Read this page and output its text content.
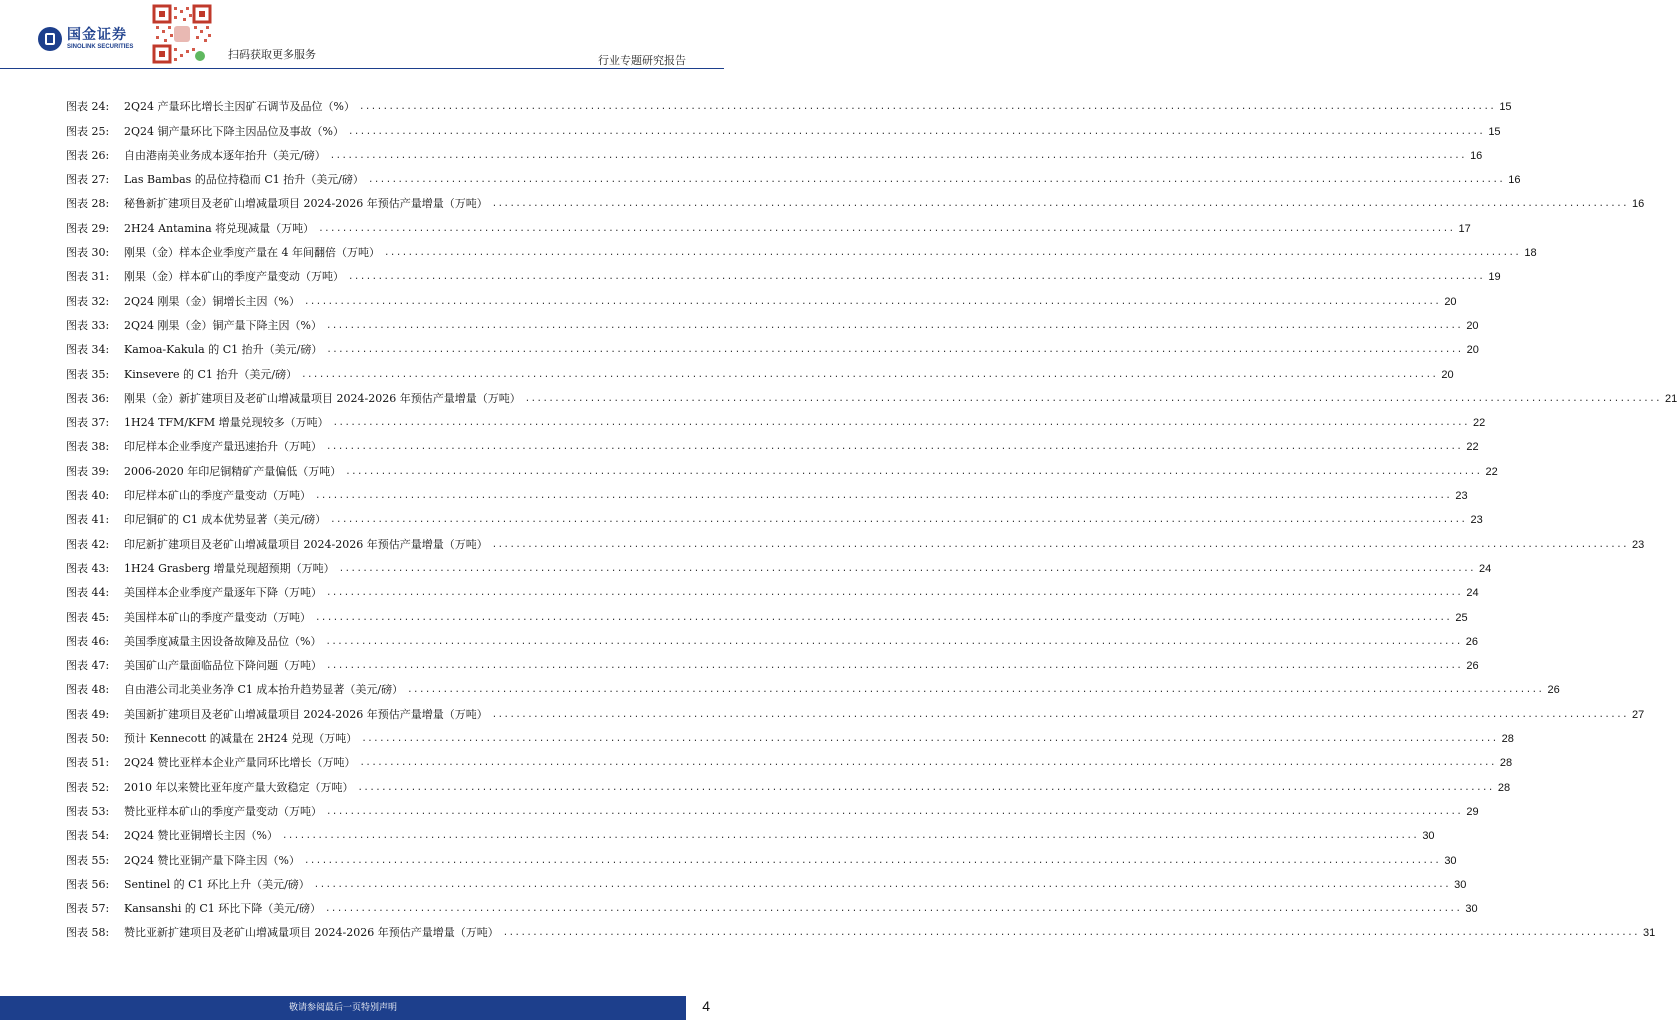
国金证券
SINOLINK SECURITIES
扫码获取更多服务	行业专题研究报告
图表 24:	2Q24 产量环比增长主因矿石调节及品位（%） .....	15
图表 25:	2Q24 铜产量环比下降主因品位及事故（%） .....	15
图表 26:	自由港南美业务成本逐年抬升（美元/磅） .....	16
图表 27:	Las Bambas 的品位持稳而 C1 抬升（美元/磅） .....	16
图表 28:	秘鲁新扩建项目及老矿山增减量项目 2024-2026 年预估产量增量（万吨） .....	16
图表 29:	2H24 Antamina 将兑现减量（万吨） .....	17
图表 30:	刚果（金）样本企业季度产量在 4 年间翻倍（万吨） .....	18
图表 31:	刚果（金）样本矿山的季度产量变动（万吨） .....	19
图表 32:	2Q24 刚果（金）铜增长主因（%） .....	20
图表 33:	2Q24 刚果（金）铜产量下降主因（%） .....	20
图表 34:	Kamoa-Kakula 的 C1 抬升（美元/磅） .....	20
图表 35:	Kinsevere 的 C1 抬升（美元/磅） .....	20
图表 36:	刚果（金）新扩建项目及老矿山增减量项目 2024-2026 年预估产量增量（万吨） .....	21
图表 37:	1H24 TFM/KFM 增量兑现较多（万吨） .....	22
图表 38:	印尼样本企业季度产量迅速抬升（万吨） .....	22
图表 39:	2006-2020 年印尼铜精矿产量偏低（万吨） .....	22
图表 40:	印尼样本矿山的季度产量变动（万吨） .....	23
图表 41:	印尼铜矿的 C1 成本优势显著（美元/磅） .....	23
图表 42:	印尼新扩建项目及老矿山增减量项目 2024-2026 年预估产量增量（万吨） .....	23
图表 43:	1H24 Grasberg 增量兑现超预期（万吨） .....	24
图表 44:	美国样本企业季度产量逐年下降（万吨） .....	24
图表 45:	美国样本矿山的季度产量变动（万吨） .....	25
图表 46:	美国季度减量主因设备故障及品位（%） .....	26
图表 47:	美国矿山产量面临品位下降问题（万吨） .....	26
图表 48:	自由港公司北美业务净 C1 成本抬升趋势显著（美元/磅） .....	26
图表 49:	美国新扩建项目及老矿山增减量项目 2024-2026 年预估产量增量（万吨） .....	27
图表 50:	预计 Kennecott 的减量在 2H24 兑现（万吨） .....	28
图表 51:	2Q24 赞比亚样本企业产量同环比增长（万吨） .....	28
图表 52:	2010 年以来赞比亚年度产量大致稳定（万吨） .....	28
图表 53:	赞比亚样本矿山的季度产量变动（万吨） .....	29
图表 54:	2Q24 赞比亚铜增长主因（%） .....	30
图表 55:	2Q24 赞比亚铜产量下降主因（%） .....	30
图表 56:	Sentinel 的 C1 环比上升（美元/磅） .....	30
图表 57:	Kansanshi 的 C1 环比下降（美元/磅） .....	30
图表 58:	赞比亚新扩建项目及老矿山增减量项目 2024-2026 年预估产量增量（万吨） .....	31
敬请参阅最后一页特别声明	4
